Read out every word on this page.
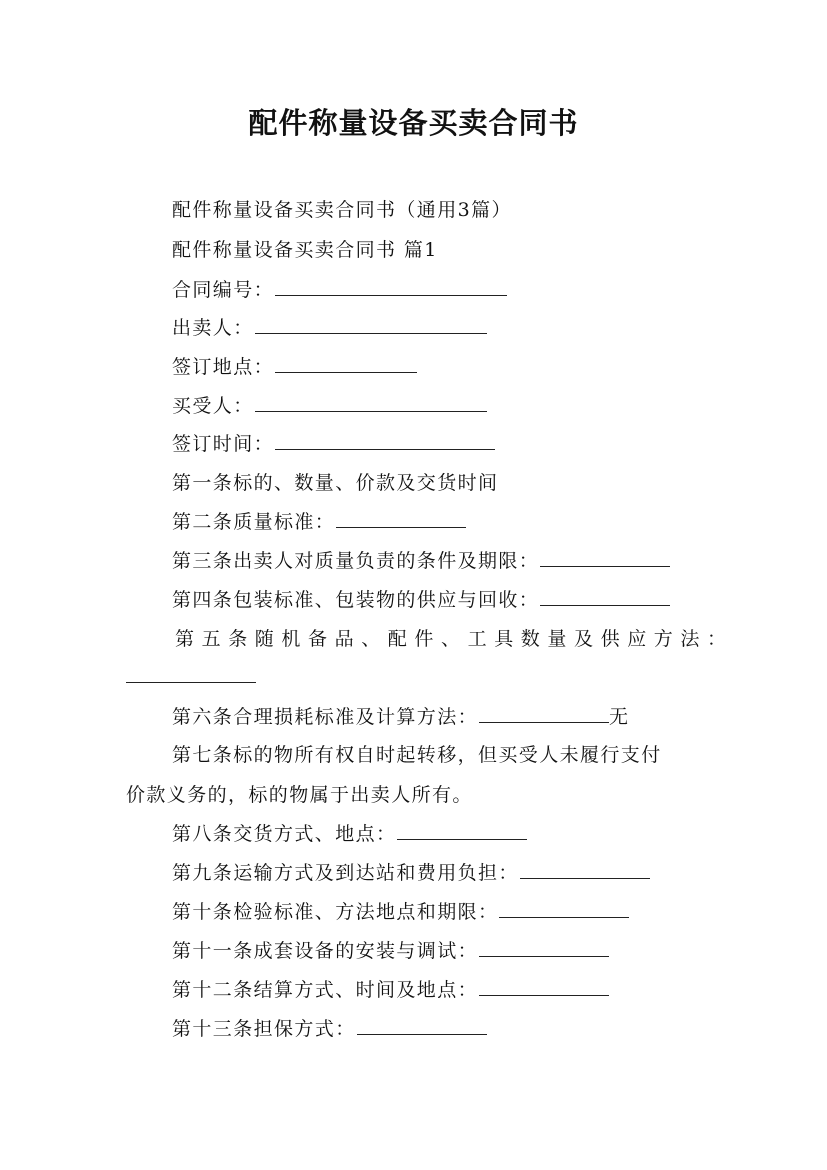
配件称量设备买卖合同书
配件称量设备买卖合同书（通用3篇）
配件称量设备买卖合同书 篇1
合同编号：
出卖人：
签订地点：
买受人：
签订时间：
第一条标的、数量、价款及交货时间
第二条质量标准：
第三条出卖人对质量负责的条件及期限：
第四条包装标准、包装物的供应与回收：
第五条随机备品、配件、工具数量及供应方法：
第六条合理损耗标准及计算方法：	无
第七条标的物所有权自时起转移，但买受人未履行支付
价款义务的，标的物属于出卖人所有。
第八条交货方式、地点：
第九条运输方式及到达站和费用负担：
第十条检验标准、方法地点和期限：
第十一条成套设备的安装与调试：
第十二条结算方式、时间及地点：
第十三条担保方式：
